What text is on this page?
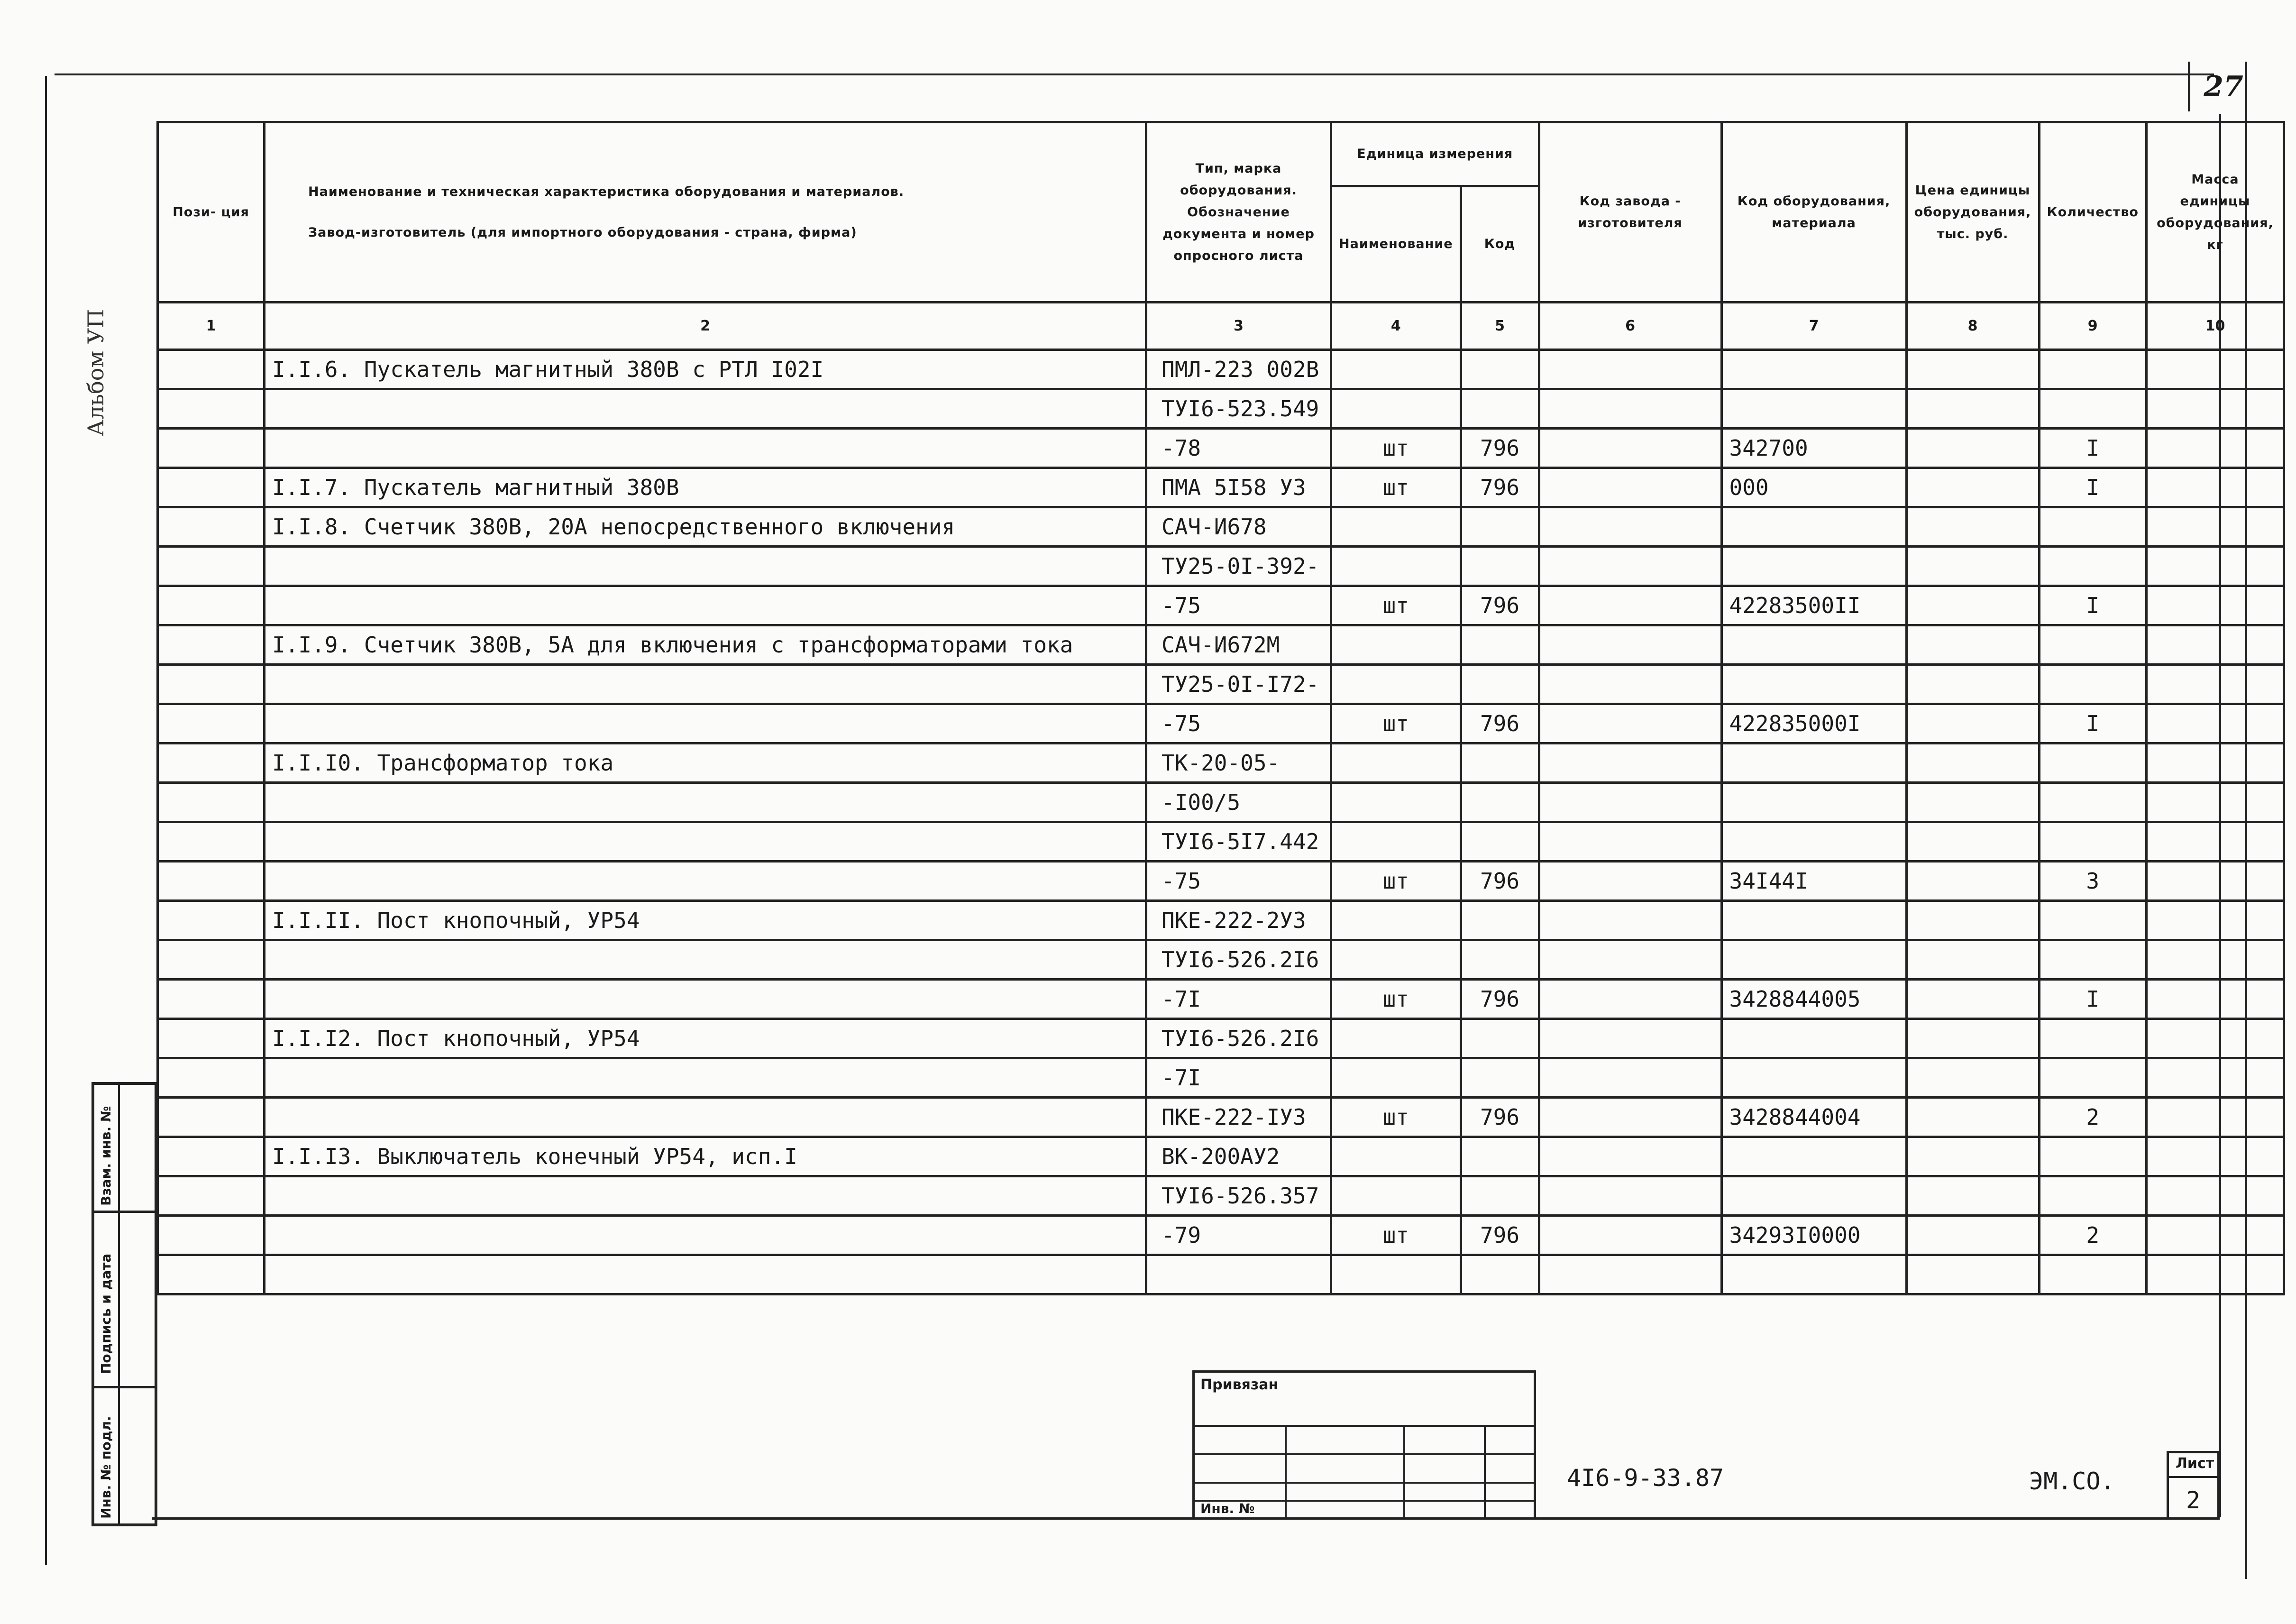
27
Альбом УП
Пози- ция	Наименование и техническая характеристика оборудования и материалов.
Завод-изготовитель (для импортного оборудования - страна, фирма)	Тип, марка оборудования. Обозначение документа и номер опросного листа	Единица измерения		Код завода - изготовителя	Код оборудования, материала	Цена единицы оборудования, тыс. руб.	Количество	Масса единицы оборудования, кг
			Наименование	Код					
1	2	3	4	5	6	7	8	9	10
	I.I.6. Пускатель магнитный 380В с РТЛ I02I	ПМЛ-223 002В							
		ТУI6-523.549							
		-78	шт	796		342700		I	
	I.I.7. Пускатель магнитный 380В	ПМА 5I58 У3	шт	796		000		I	
	I.I.8. Счетчик 380В, 20А непосредственного включения	САЧ-И678							
		ТУ25-0I-392-							
		-75	шт	796		42283500II		I	
	I.I.9. Счетчик 380В, 5А для включения с трансформаторами тока	САЧ-И672М							
		ТУ25-0I-I72-							
		-75	шт	796		422835000I		I	
	I.I.I0. Трансформатор тока	ТК-20-05-							
		-I00/5							
		ТУI6-5I7.442							
		-75	шт	796		34I44I		3	
	I.I.II. Пост кнопочный, УР54	ПКЕ-222-2У3							
		ТУI6-526.2I6							
		-7I	шт	796		3428844005		I	
	I.I.I2. Пост кнопочный, УР54	ТУI6-526.2I6							
		-7I							
		ПКЕ-222-IУ3	шт	796		3428844004		2	
	I.I.I3. Выключатель конечный УР54, исп.I	ВК-200АУ2							
		ТУI6-526.357							
		-79	шт	796		34293I0000		2	

Привязан
Инв. №
4I6-9-33.87	ЭМ.СО.
Лист
2
Взам. инв. №
Подпись и дата
Инв. № подл.
